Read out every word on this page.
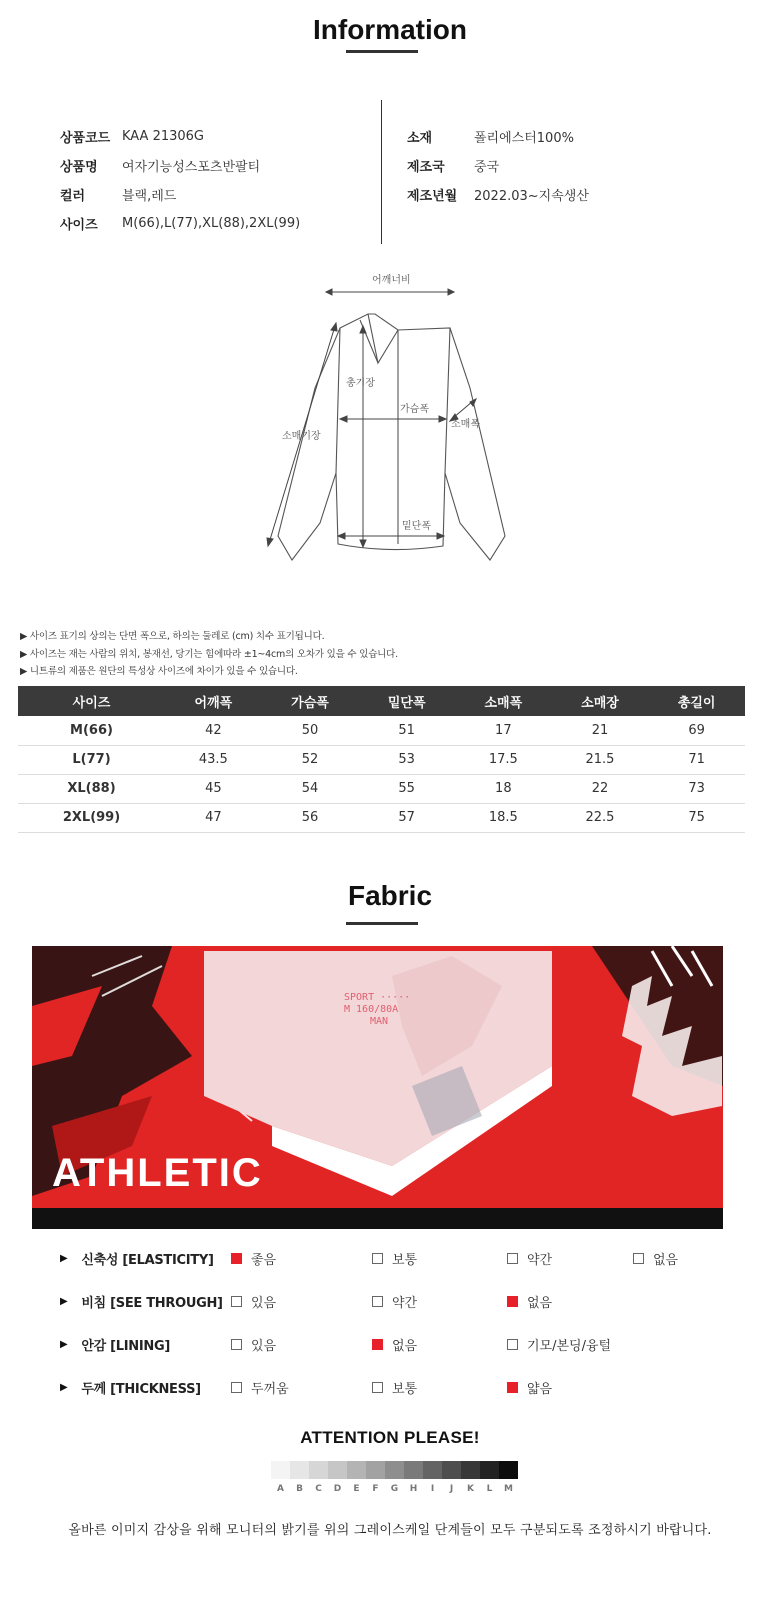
Information
상품코드 KAA 21306G
상품명	여자기능성스포츠반팔티
컬러	블랙,레드
사이즈	M(66),L(77),XL(88),2XL(99)
소재	폴리에스터100%
제조국	중국
제조년월	2022.03~지속생산
어깨너비
총기장
가슴폭
소매폭
소매기장
밑단폭
▶ 사이즈 표기의 상의는 단면 폭으로, 하의는 둘레로 (cm) 치수 표기됩니다.
▶ 사이즈는 재는 사람의 위치, 봉재선, 당기는 힘에따라 ±1~4cm의 오차가 있을 수 있습니다.
▶ 니트류의 제품은 원단의 특성상 사이즈에 차이가 있을 수 있습니다.
사이즈	어깨폭	가슴폭	밑단폭	소매폭	소매장	총길이
M(66)	42	50	51	17	21	69
L(77)	43.5	52	53	17.5	21.5	71
XL(88)	45	54	55	18	22	73
2XL(99)	47	56	57	18.5	22.5	75
Fabric
SPORT ·····
M 160/80A
MAN
ATHLETIC
▶ 신축성 [ELASTICITY]	좋음	보통	약간	없음
▶ 비침 [SEE THROUGH] 있음	약간	없음
▶ 안감 [LINING]	있음	없음	기모/본딩/융털
▶ 두께 [THICKNESS]	두꺼움	보통	얇음
ATTENTION PLEASE!
A	B	C	D	E	F	G	H	I	J	K	L	M
올바른 이미지 감상을 위해 모니터의 밝기를 위의 그레이스케일 단계들이 모두 구분되도록 조정하시기 바랍니다.
